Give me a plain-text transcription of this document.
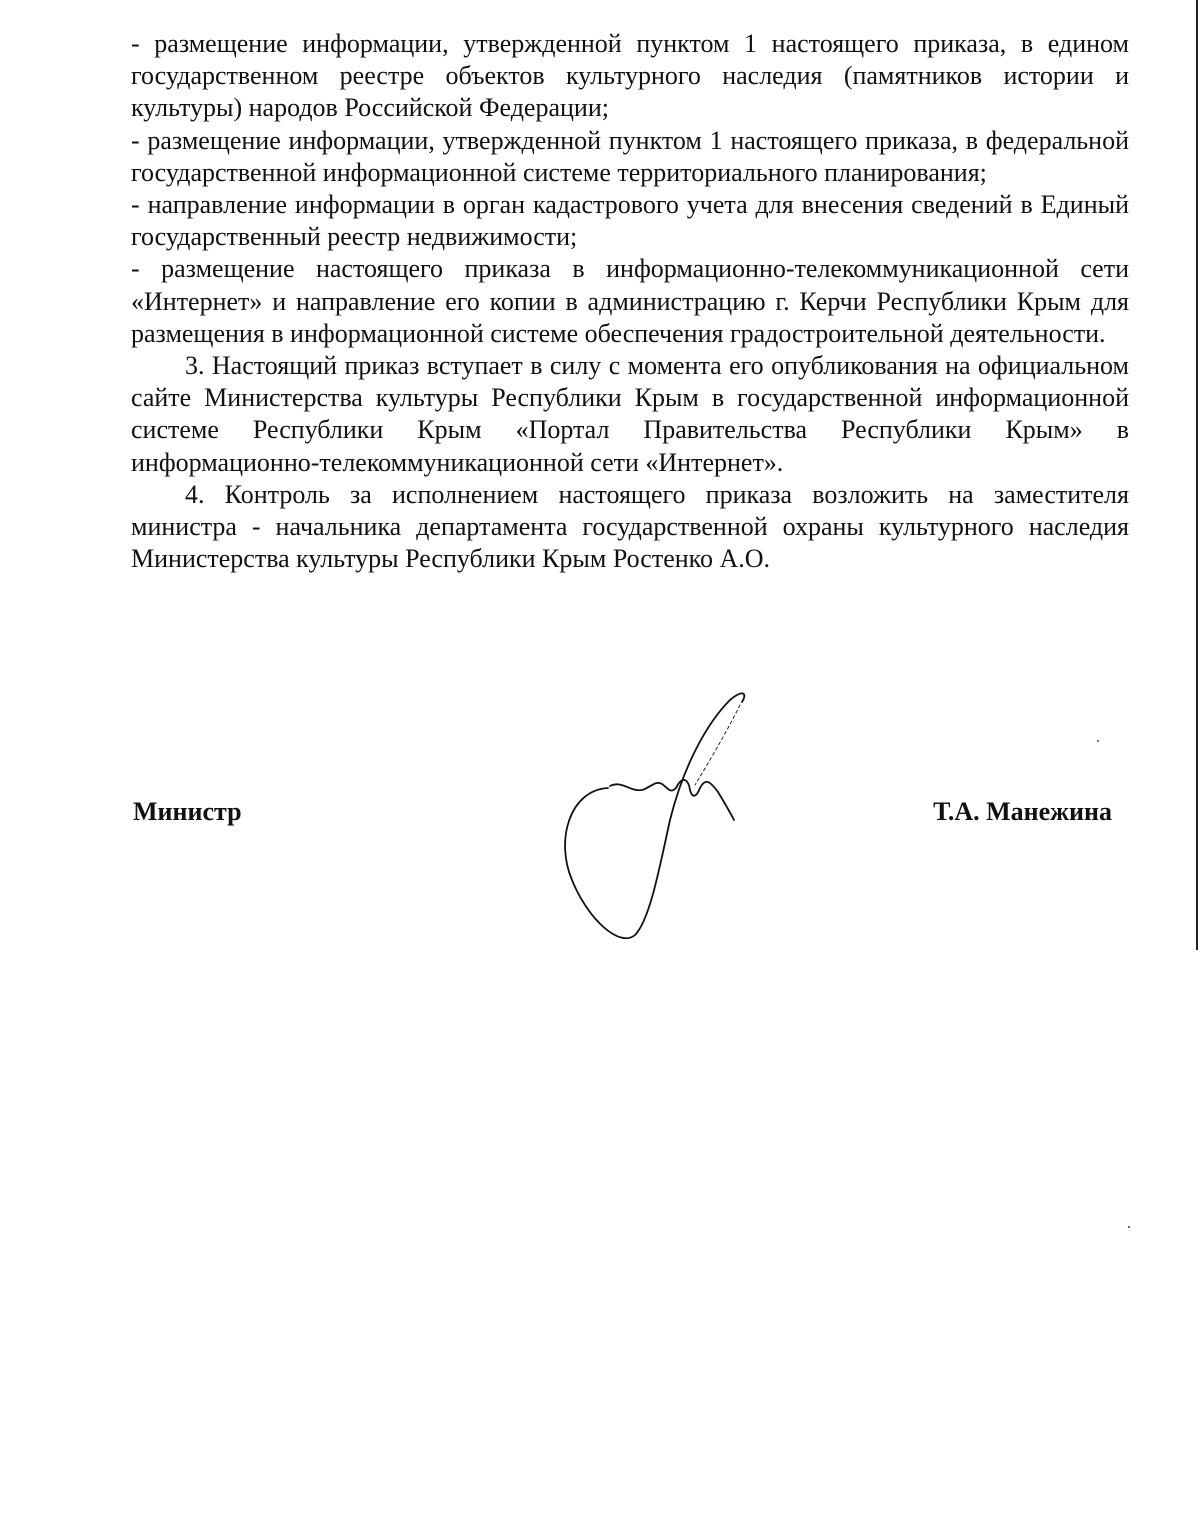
- размещение информации, утвержденной пунктом 1 настоящего приказа, в едином государственном реестре объектов культурного наследия (памятников истории и культуры) народов Российской Федерации;

- размещение информации, утвержденной пунктом 1 настоящего приказа, в федеральной государственной информационной системе территориального планирования;

- направление информации в орган кадастрового учета для внесения сведений в Единый государственный реестр недвижимости;

- размещение настоящего приказа в информационно-телекоммуникационной сети «Интернет» и направление его копии в администрацию г. Керчи Республики Крым для размещения в информационной системе обеспечения градостроительной деятельности.

3. Настоящий приказ вступает в силу с момента его опубликования на официальном сайте Министерства культуры Республики Крым в государственной информационной системе Республики Крым «Портал Правительства Республики Крым» в информационно-телекоммуникационной сети «Интернет».

4. Контроль за исполнением настоящего приказа возложить на заместителя министра - начальника департамента государственной охраны культурного наследия Министерства культуры Республики Крым Ростенко А.О.

Министр	Т.А. Манежина
